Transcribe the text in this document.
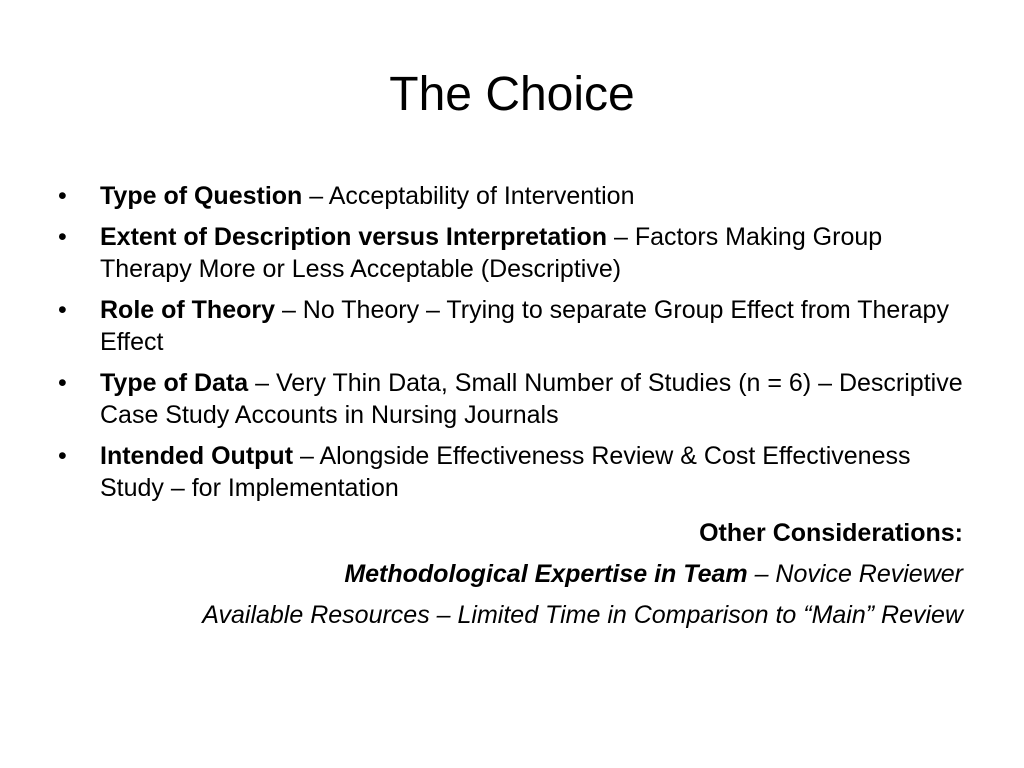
The Choice
•	Type of Question – Acceptability of Intervention
•	Extent of Description versus Interpretation – Factors Making Group Therapy More or Less Acceptable (Descriptive)
•	Role of Theory – No Theory – Trying to separate Group Effect from Therapy Effect
•	Type of Data – Very Thin Data, Small Number of Studies (n = 6) – Descriptive Case Study Accounts in Nursing Journals
•	Intended Output – Alongside Effectiveness Review & Cost Effectiveness Study – for Implementation
Other Considerations:
Methodological Expertise in Team – Novice Reviewer
Available Resources – Limited Time in Comparison to “Main” Review
